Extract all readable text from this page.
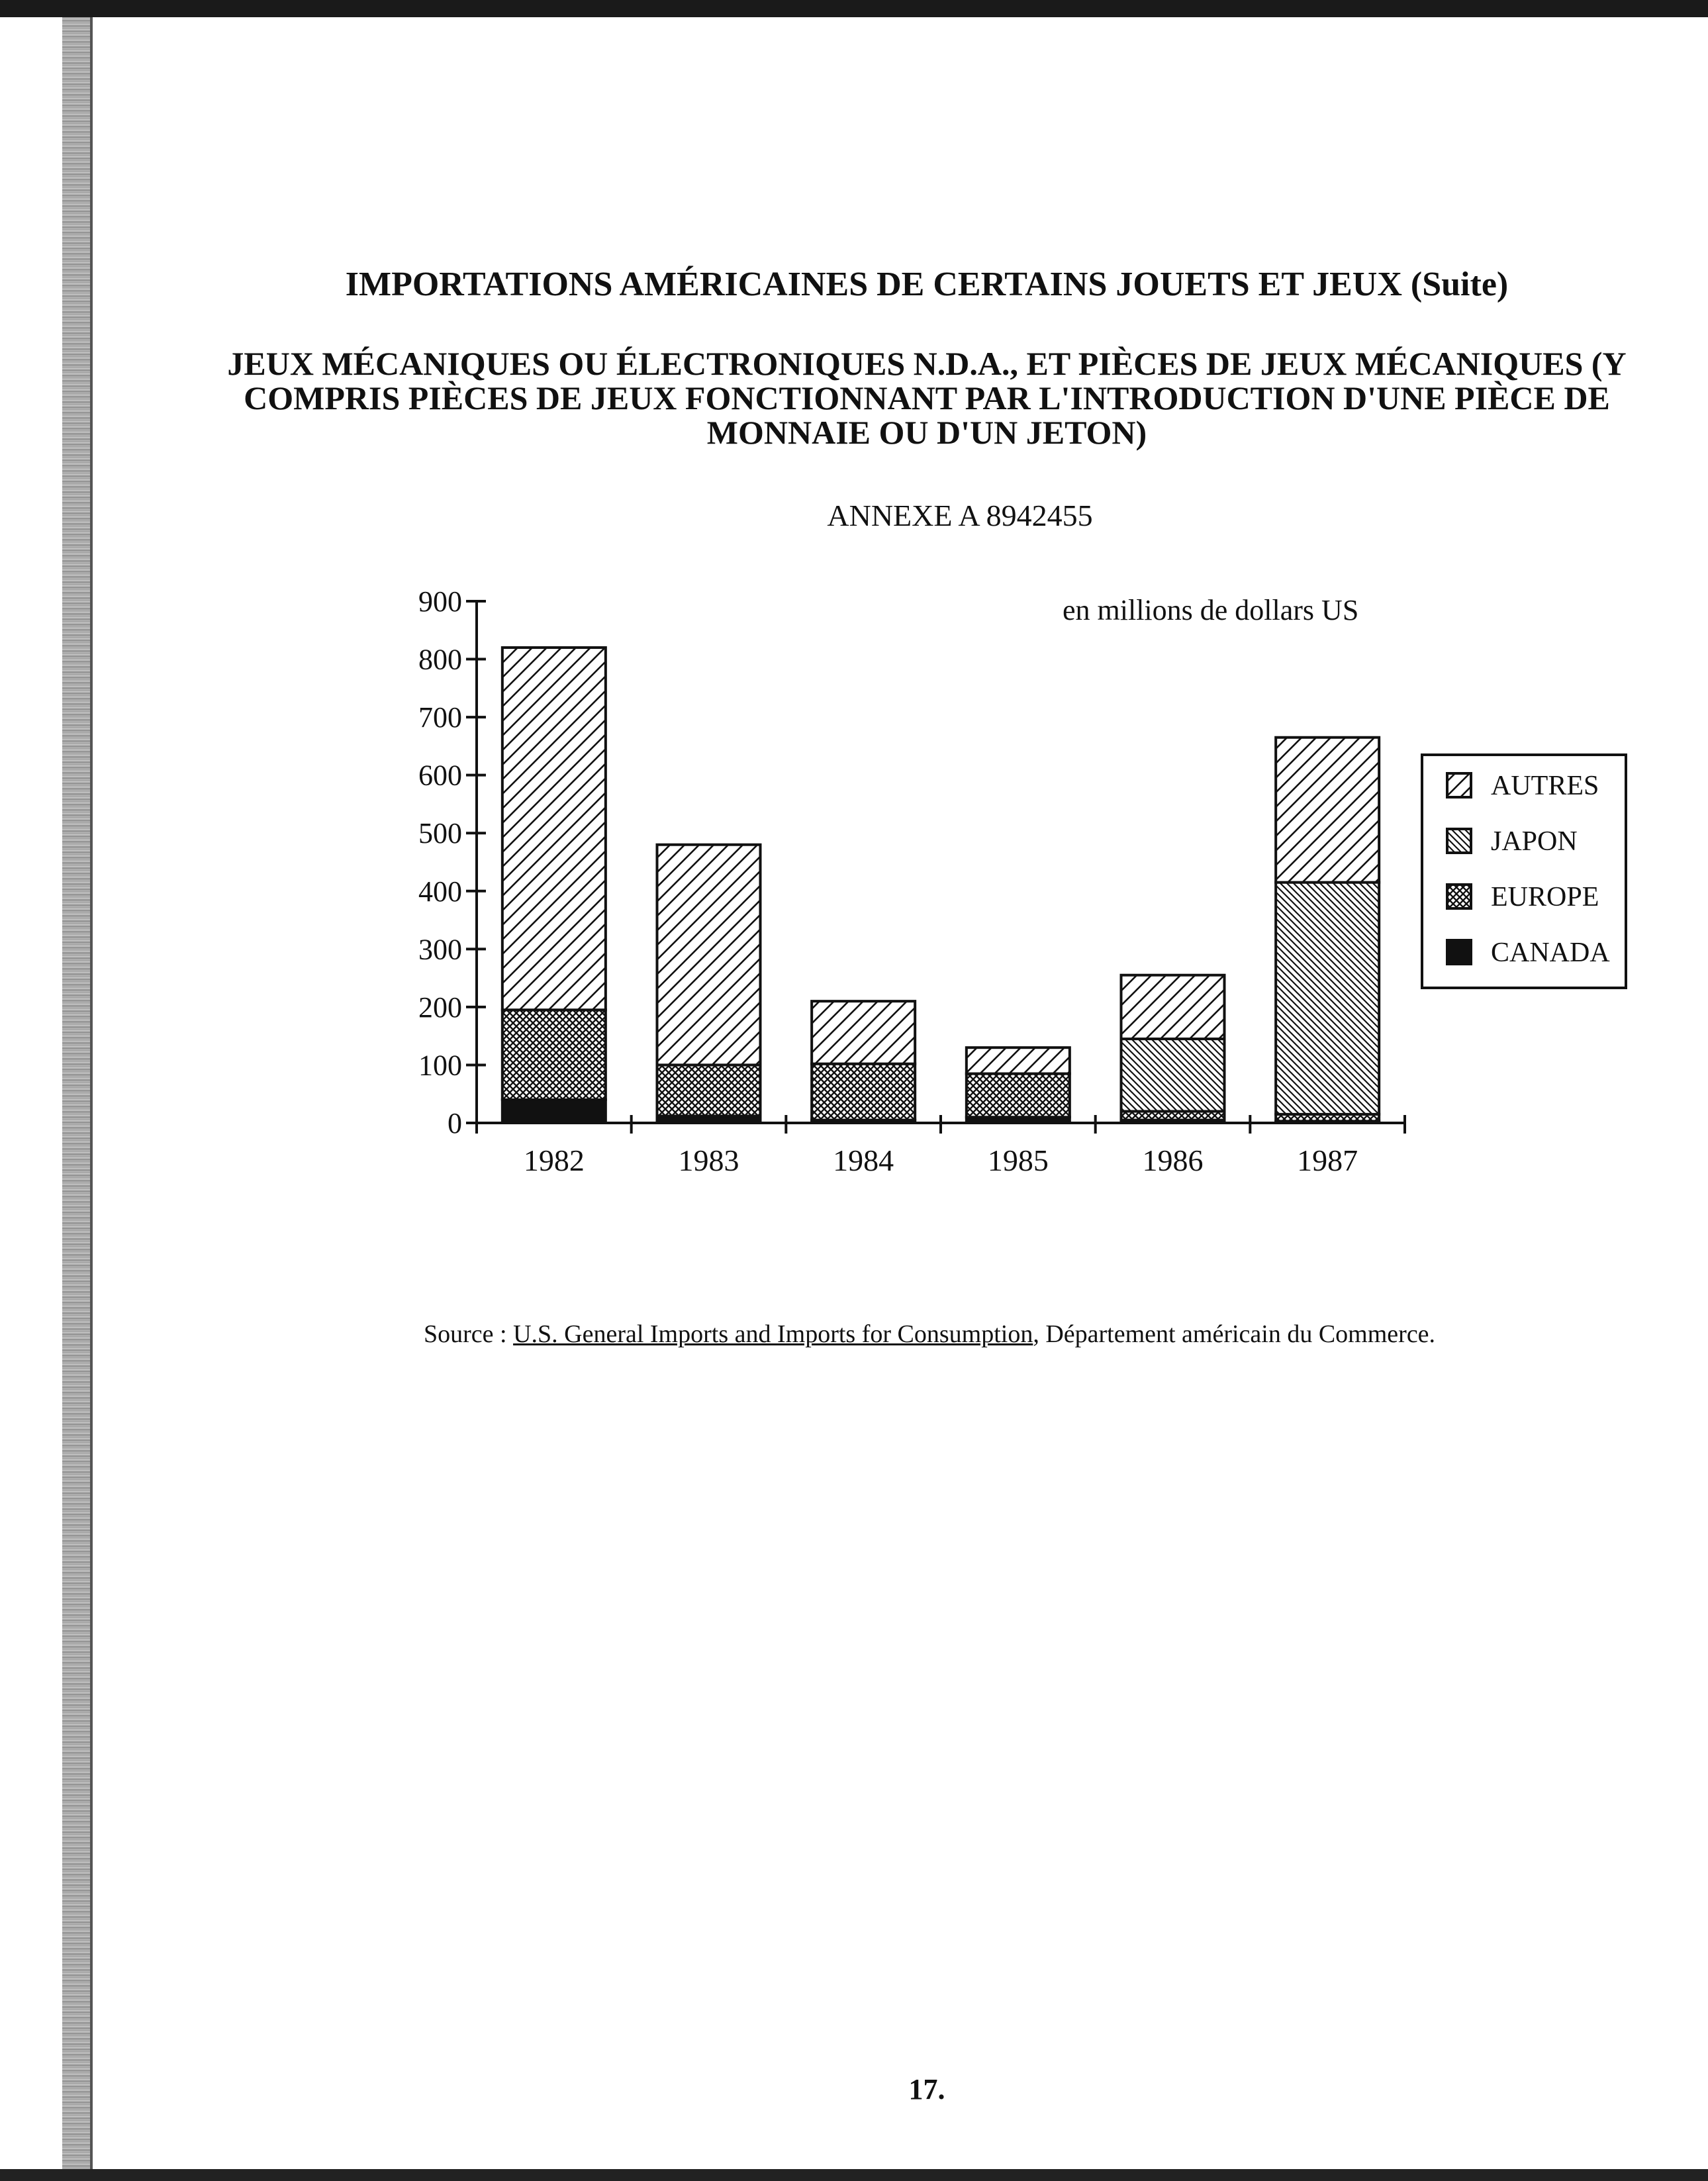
IMPORTATIONS AMÉRICAINES DE CERTAINS JOUETS ET JEUX (Suite)
JEUX MÉCANIQUES OU ÉLECTRONIQUES N.D.A., ET PIÈCES DE JEUX MÉCANIQUES (Y
COMPRIS PIÈCES DE JEUX FONCTIONNANT PAR L'INTRODUCTION D'UNE PIÈCE DE
MONNAIE OU D'UN JETON)

ANNEXE A 8942455

en millions de dollars US
0
100
200
300
400
500
600
700
800
900
1982	1983	1984	1985	1986	1987
AUTRES
JAPON
EUROPE
CANADA

Source : U.S. General Imports and Imports for Consumption, Département américain du Commerce.

17.
